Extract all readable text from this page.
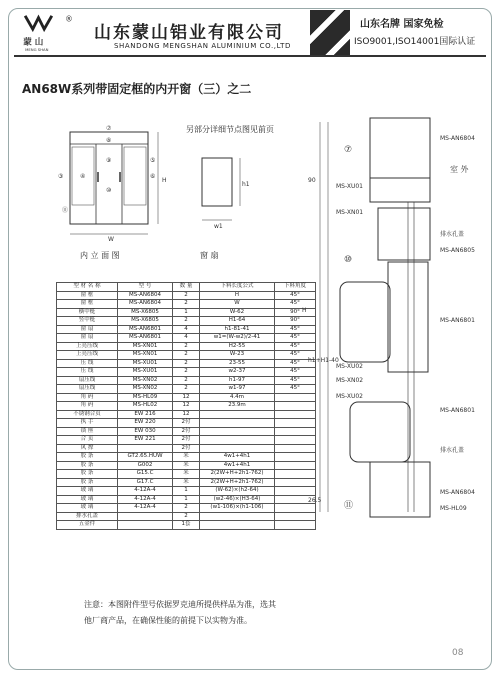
蒙 山
MENG SHAN
®
山东蒙山铝业有限公司
SHANDONG MENGSHAN ALUMINIUM CO.,LTD
山东名牌 国家免检
ISO9001,ISO14001国际认证
AN68W系列带固定框的内开窗（三）之二
另部分详细节点图见前页
⑦
⑧
⑨
⑩
⑪
③	④
⑤
⑥
H
W
w1
h1
内 立 面 图	窗 扇
型 材 名 称	型 号	数 量	下料长度公式	下料角度
窗 框	MS-AN6804	2	H	45°
窗 框	MS-AN6804	2	W	45°
横中梃	MS-X6805	1	W-62	90°
竖中梃	MS-X6805	2	H1-64	90°
窗 扇	MS-AN6801	4	h1-81-41	45°
窗 扇	MS-AN6801	4	w1=(W-w2)/2-41	45°
上亮压线	MS-XN01	2	H2-55	45°
上亮压线	MS-XN01	2	W-23	45°
压 线	MS-XU01	2	23-55	45°
压 线	MS-XU01	2	w2-37	45°
扇压线	MS-XN02	2	h1-97	45°
扇压线	MS-XN02	2	w1-97	45°
角 码	MS-HL09	12	4.4m	
角 码	MS-HL02	12	23.9m	
不锈钢合页	EW 216	12		
执 手	EW 220	2付		
锁 座	EW 030	2付		
合 页	EW 221	2付		
风 撑		2付		
胶 条	GT2.65.HUW	米	4w1+4h1	
胶 条	G002	米	4w1+4h1	
胶 条	G15.C	米	2(2W+H+2h1-762)	
胶 条	G17.C	米	2(2W+H+2h1-762)	
玻 璃	4-12A-4	1	(W-62)×(h2-64)	
玻 璃	4-12A-4	1	(w2-46)×(H3-64)	
玻 璃	4-12A-4	2	(w1-106)×(h1-106)	
排水孔盖		2		
五金件		1套		
MS-AN6804
室 外
排水孔盖
MS-AN6805
MS-AN6801
MS-AN6801
排水孔盖
MS-AN6804
MS-HL09
MS-XU01
MS-XN01
MS-XU02
MS-XU02
MS-XN02
90
h1+H1-40
H
26.5
⑦
⑩
⑪
注意：本图附件型号依据罗克迪所提供样品为准，选其
他厂商产品，在确保性能的前提下以实物为准。
08
